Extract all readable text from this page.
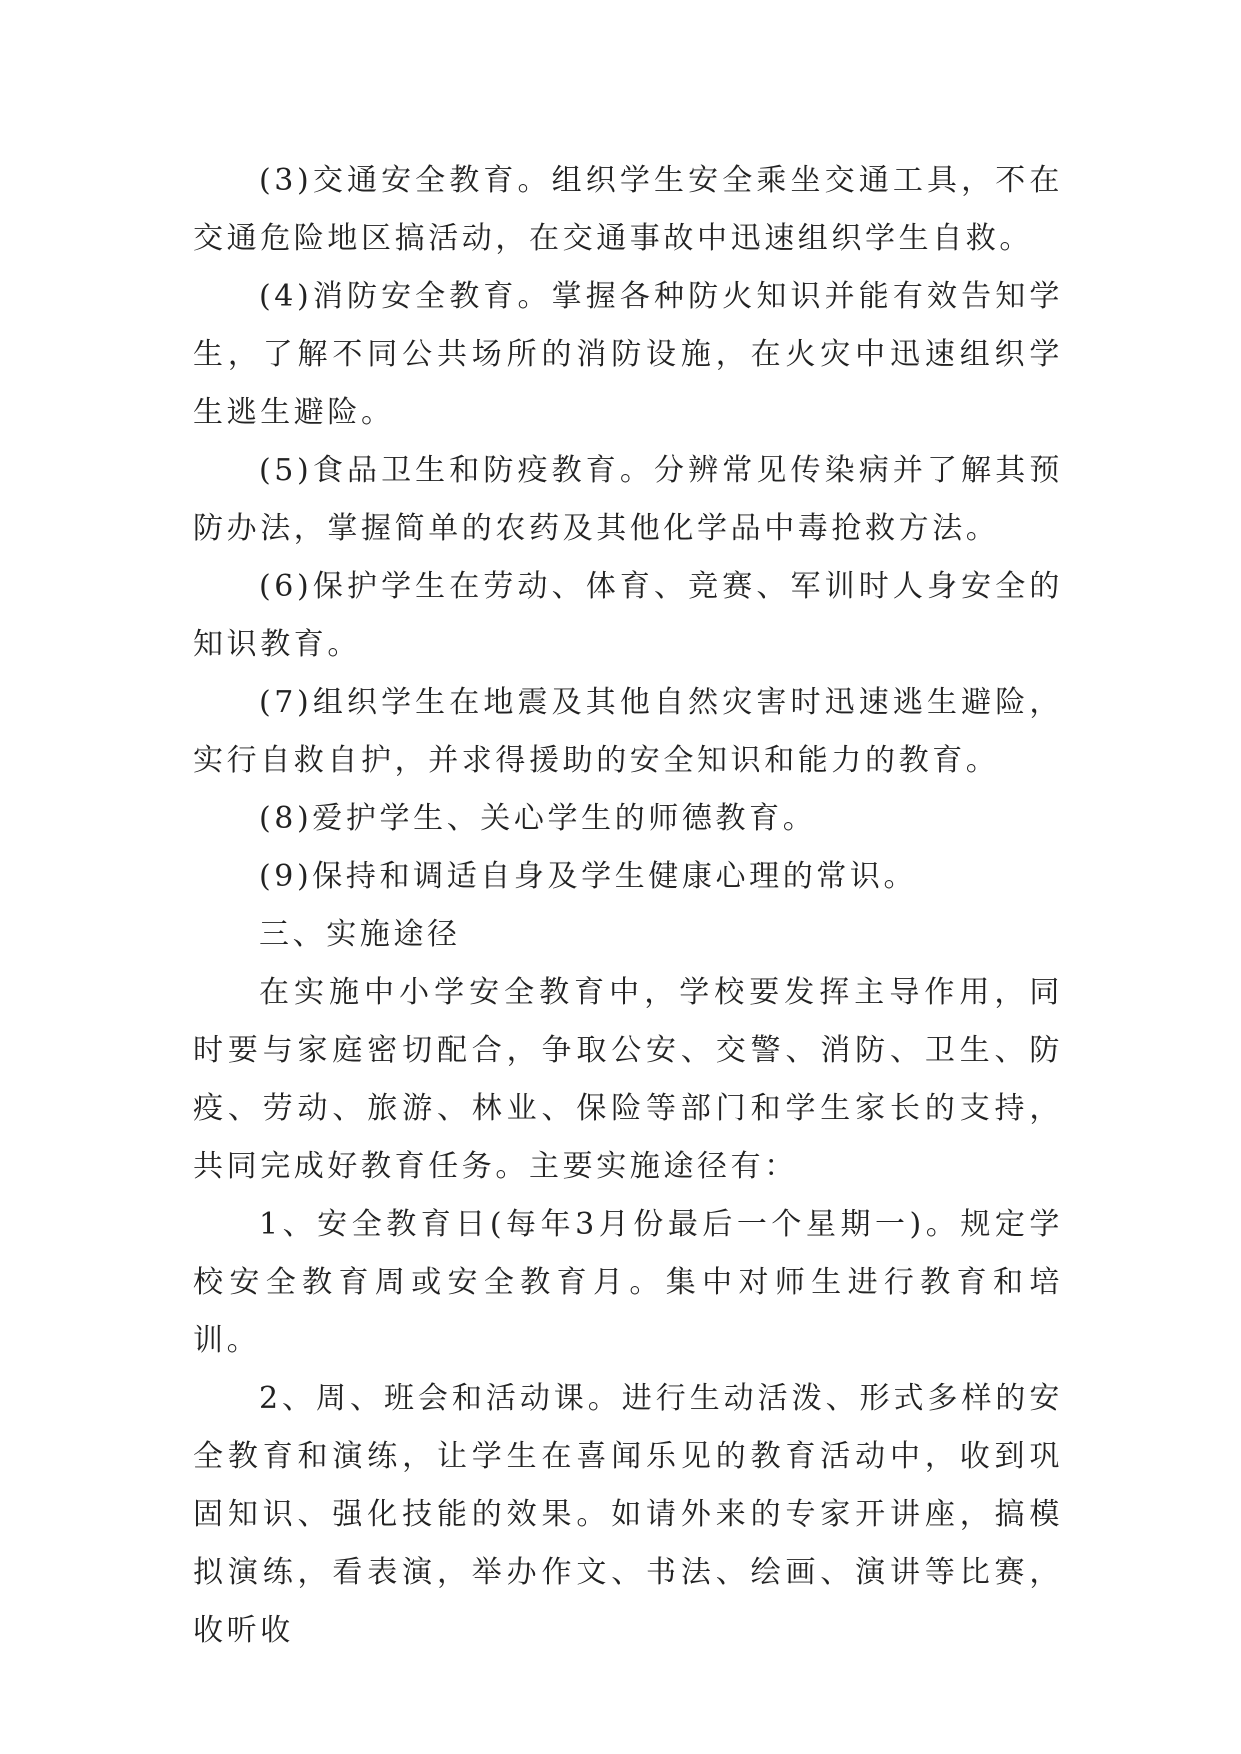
(3)交通安全教育。组织学生安全乘坐交通工具，不在交通危险地区搞活动，在交通事故中迅速组织学生自救。

(4)消防安全教育。掌握各种防火知识并能有效告知学生，了解不同公共场所的消防设施，在火灾中迅速组织学生逃生避险。

(5)食品卫生和防疫教育。分辨常见传染病并了解其预防办法，掌握简单的农药及其他化学品中毒抢救方法。

(6)保护学生在劳动、体育、竞赛、军训时人身安全的知识教育。

(7)组织学生在地震及其他自然灾害时迅速逃生避险，实行自救自护，并求得援助的安全知识和能力的教育。

(8)爱护学生、关心学生的师德教育。

(9)保持和调适自身及学生健康心理的常识。

三、实施途径

在实施中小学安全教育中，学校要发挥主导作用，同时要与家庭密切配合，争取公安、交警、消防、卫生、防疫、劳动、旅游、林业、保险等部门和学生家长的支持，共同完成好教育任务。主要实施途径有：

1、安全教育日(每年3月份最后一个星期一)。规定学校安全教育周或安全教育月。集中对师生进行教育和培训。

2、周、班会和活动课。进行生动活泼、形式多样的安全教育和演练，让学生在喜闻乐见的教育活动中，收到巩固知识、强化技能的效果。如请外来的专家开讲座，搞模拟演练，看表演，举办作文、书法、绘画、演讲等比赛，收听收
